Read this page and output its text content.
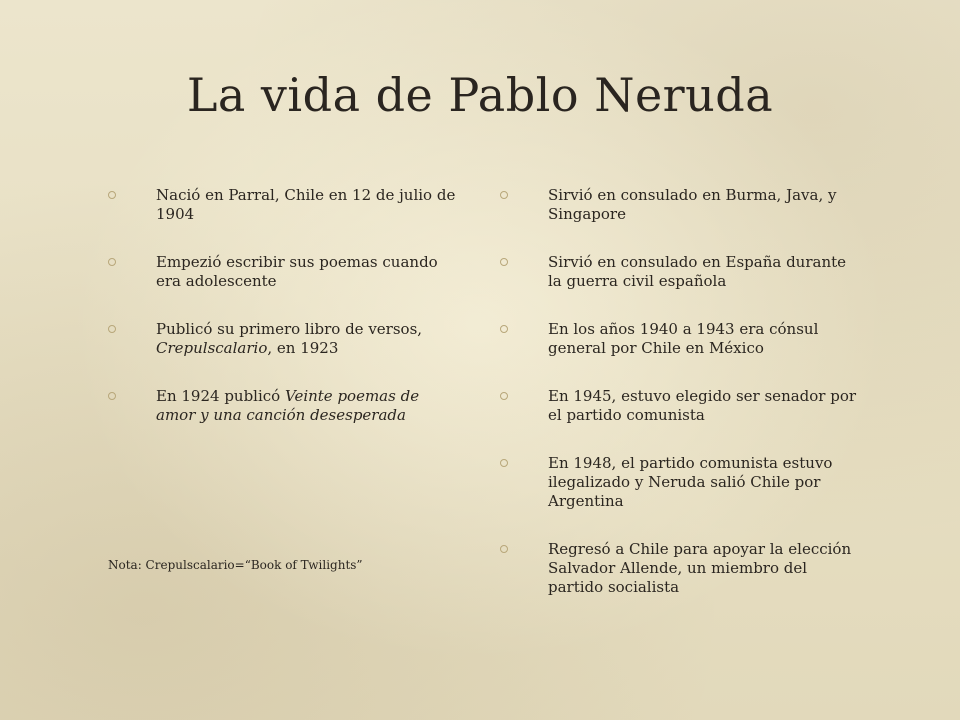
La vida de Pablo Neruda
Nació en Parral, Chile en 12 de julio de 1904
Empezió escribir sus poemas cuando era adolescente
Publicó su primero libro de versos, Crepulscalario, en 1923
En 1924 publicó Veinte poemas de amor y una canción desesperada
Sirvió en consulado en Burma, Java, y Singapore
Sirvió en consulado en España durante la guerra civil española
En los años 1940 a 1943 era cónsul general por Chile en México
En 1945, estuvo elegido ser senador por el partido comunista
En 1948, el partido comunista estuvo ilegalizado y Neruda salió Chile por Argentina
Regresó a Chile para apoyar la elección Salvador Allende, un miembro del partido socialista

Nota: Crepulscalario=“Book of Twilights”
